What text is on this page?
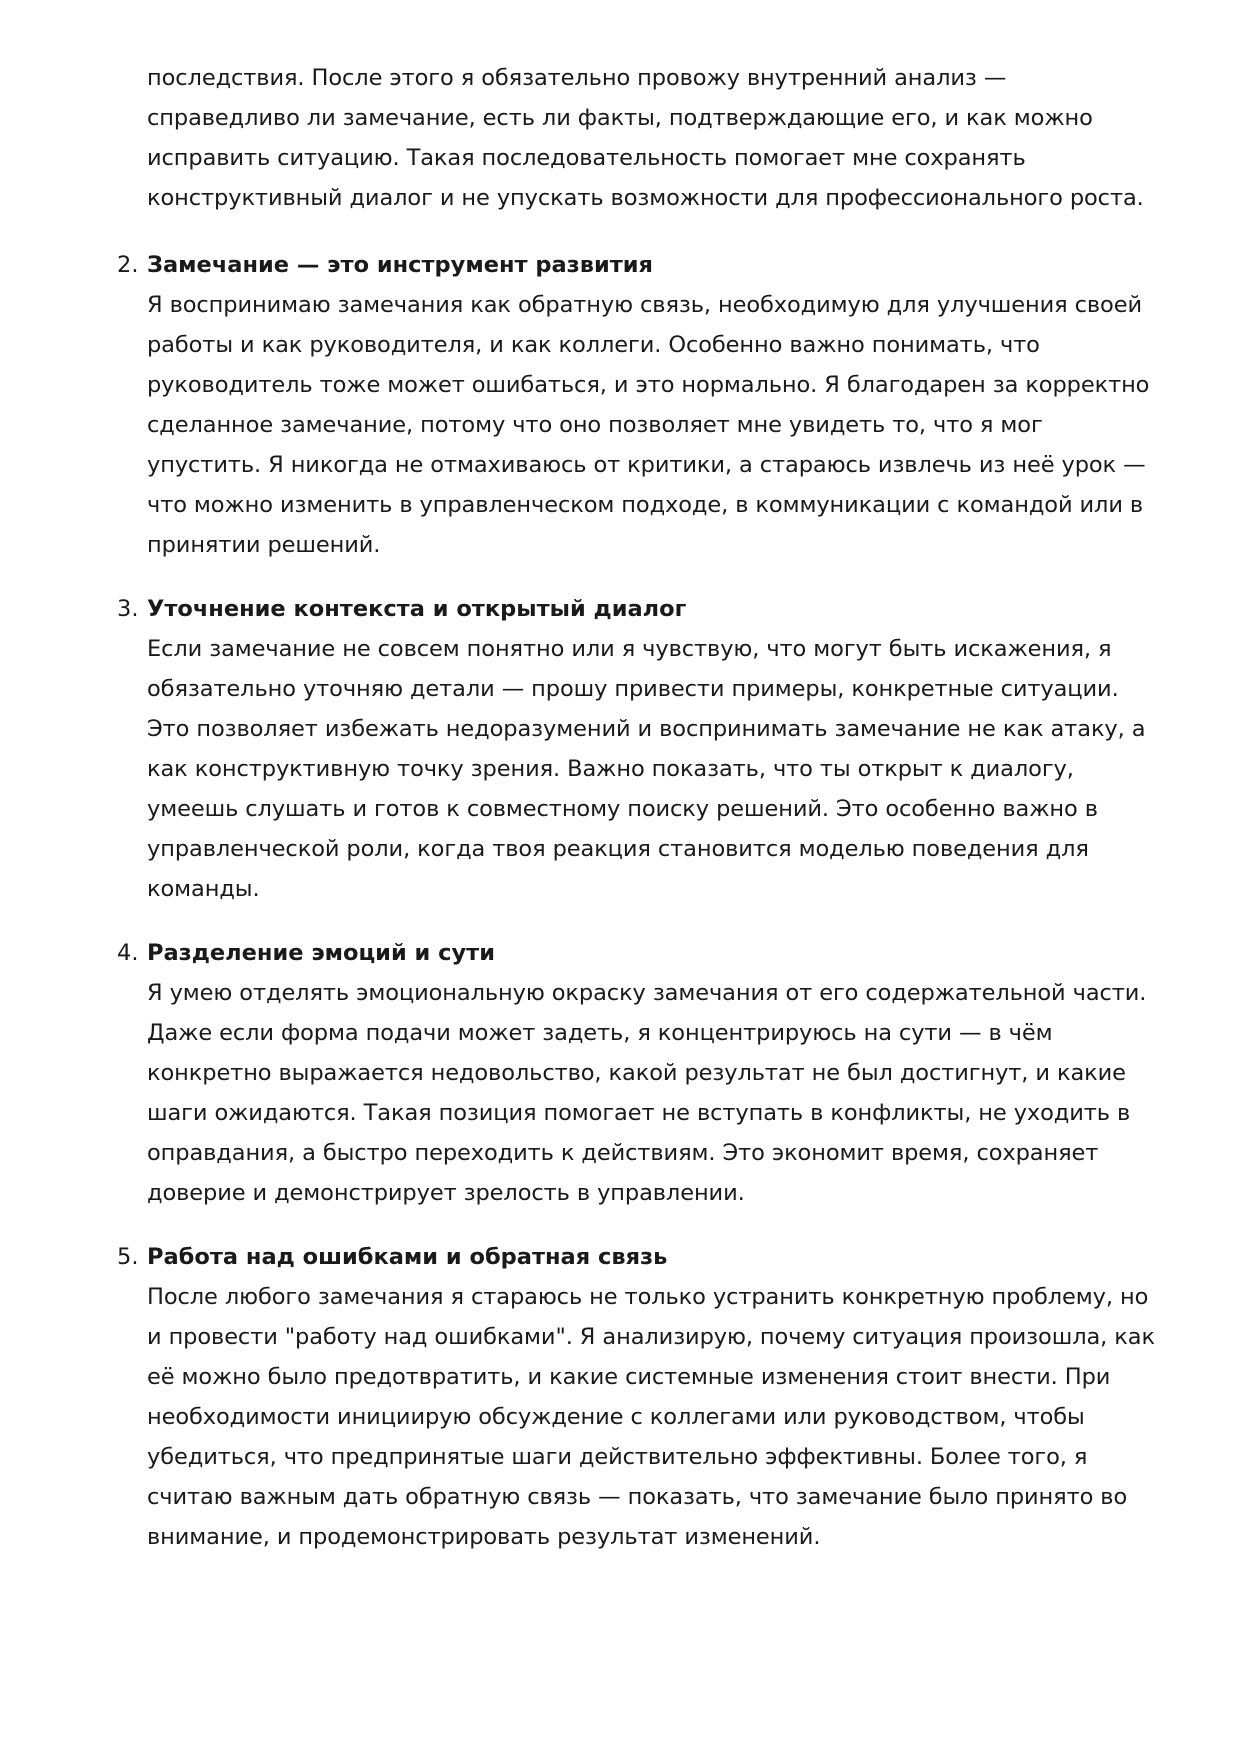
последствия. После этого я обязательно провожу внутренний анализ — справедливо ли замечание, есть ли факты, подтверждающие его, и как можно исправить ситуацию. Такая последовательность помогает мне сохранять конструктивный диалог и не упускать возможности для профессионального роста.

2. Замечание — это инструмент развития

Я воспринимаю замечания как обратную связь, необходимую для улучшения своей работы и как руководителя, и как коллеги. Особенно важно понимать, что руководитель тоже может ошибаться, и это нормально. Я благодарен за корректно сделанное замечание, потому что оно позволяет мне увидеть то, что я мог упустить. Я никогда не отмахиваюсь от критики, а стараюсь извлечь из неё урок — что можно изменить в управленческом подходе, в коммуникации с командой или в принятии решений.

3. Уточнение контекста и открытый диалог

Если замечание не совсем понятно или я чувствую, что могут быть искажения, я обязательно уточняю детали — прошу привести примеры, конкретные ситуации. Это позволяет избежать недоразумений и воспринимать замечание не как атаку, а как конструктивную точку зрения. Важно показать, что ты открыт к диалогу, умеешь слушать и готов к совместному поиску решений. Это особенно важно в управленческой роли, когда твоя реакция становится моделью поведения для команды.

4. Разделение эмоций и сути

Я умею отделять эмоциональную окраску замечания от его содержательной части. Даже если форма подачи может задеть, я концентрируюсь на сути — в чём конкретно выражается недовольство, какой результат не был достигнут, и какие шаги ожидаются. Такая позиция помогает не вступать в конфликты, не уходить в оправдания, а быстро переходить к действиям. Это экономит время, сохраняет доверие и демонстрирует зрелость в управлении.

5. Работа над ошибками и обратная связь

После любого замечания я стараюсь не только устранить конкретную проблему, но и провести "работу над ошибками". Я анализирую, почему ситуация произошла, как её можно было предотвратить, и какие системные изменения стоит внести. При необходимости инициирую обсуждение с коллегами или руководством, чтобы убедиться, что предпринятые шаги действительно эффективны. Более того, я считаю важным дать обратную связь — показать, что замечание было принято во внимание, и продемонстрировать результат изменений.
